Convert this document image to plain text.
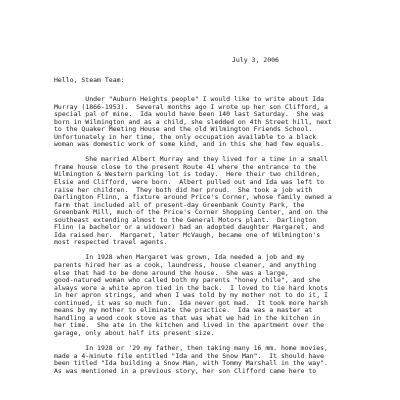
July 3, 2006
Hello, Steam Team:
Under "Auburn Heights people" I would like to write about Ida
Murray (1866-1953).  Several months ago I wrote up her son Clifford, a
special pal of mine.  Ida would have been 140 last Saturday.  She was
born in Wilmington and as a child, she sledded on 4th Street hill, next
to the Quaker Meeting House and the old Wilmington Friends School.
Unfortunately in her time, the only occupation available to a black
woman was domestic work of some kind, and in this she had few equals.
She married Albert Murray and they lived for a time in a small
frame house close to the present Route 41 where the entrance to the
Wilmington & Western parking lot is today.  Here their two children,
Elsie and Clifford, were born.  Albert pulled out and Ida was left to
raise her children.  They both did her proud.  She took a job with
Darlington Flinn, a fixture around Price's Corner, whose family owned a
farm that included all of present-day Greenbank County Park, the
Greenbank Mill, much of the Price's Corner Shopping Center, and on the
southeast extending almost to the General Motors plant.  Darlington
Flinn (a bachelor or a widower) had an adopted daughter Margaret, and
Ida raised her.  Margaret, later McVaugh, became one of Wilmington's
most respected travel agents.
In 1928 when Margaret was grown, Ida needed a job and my
parents hired her as a cook, laundress, house cleaner, and anything
else that had to be done around the house.  She was a large,
good-natured woman who called both my parents "honey chile", and she
always wore a white apron tied in the back.  I loved to tie hard knots
in her apron strings, and when I was told by my mother not to do it, I
continued, it was so much fun.  Ida never got mad.  It took more harsh
means by my mother to eliminate the practice.  Ida was a master at
handling a wood cook stove as that was what we had in the kitchen in
her time.  She ate in the kitchen and lived in the apartment over the
garage, only about half its present size.
In 1928 or '29 my father, then taking many 16 mm. home movies,
made a 4-minute file entitled "Ida and the Snow Man".  It should have
been titled "Ida building a Snow Man, with Tommy Marshall in the way".
As was mentioned in a previous story, her son Clifford came here to
